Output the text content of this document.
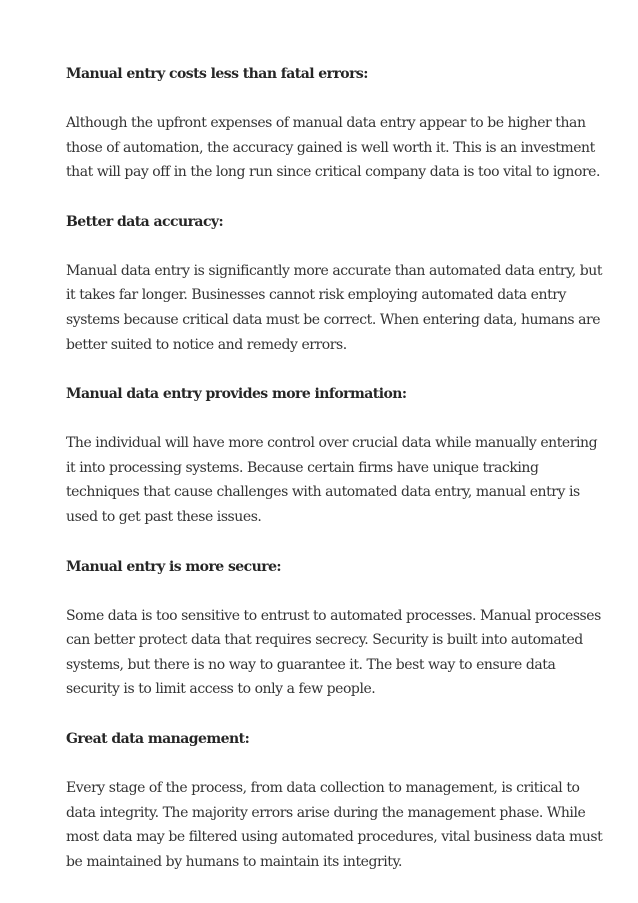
Manual entry costs less than fatal errors:
Although the upfront expenses of manual data entry appear to be higher than
those of automation, the accuracy gained is well worth it. This is an investment
that will pay off in the long run since critical company data is too vital to ignore.
Better data accuracy:
Manual data entry is significantly more accurate than automated data entry, but
it takes far longer. Businesses cannot risk employing automated data entry
systems because critical data must be correct. When entering data, humans are
better suited to notice and remedy errors.
Manual data entry provides more information:
The individual will have more control over crucial data while manually entering
it into processing systems. Because certain firms have unique tracking
techniques that cause challenges with automated data entry, manual entry is
used to get past these issues.
Manual entry is more secure:
Some data is too sensitive to entrust to automated processes. Manual processes
can better protect data that requires secrecy. Security is built into automated
systems, but there is no way to guarantee it. The best way to ensure data
security is to limit access to only a few people.
Great data management:
Every stage of the process, from data collection to management, is critical to
data integrity. The majority errors arise during the management phase. While
most data may be filtered using automated procedures, vital business data must
be maintained by humans to maintain its integrity.
